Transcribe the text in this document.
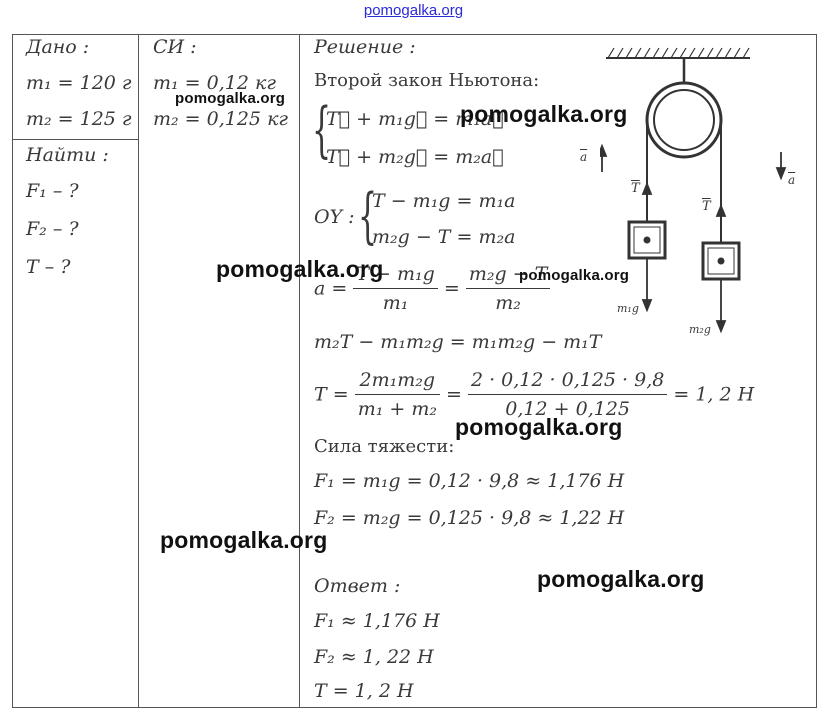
pomogalka.org
Дано :
m₁ = 120 г
m₂ = 125 г
Найти :
F₁ – ?
F₂ – ?
T – ?
СИ :
m₁ = 0,12 кг
m₂ = 0,125 кг
Решение :
Второй закон Ньютона:
{
T⃗ + m₁g⃗ = m₁a⃗
T⃗ + m₂g⃗ = m₂a⃗
OY : {
T − m₁g = m₁a
m₂g − T = m₂a
$a = \frac{\text{T − m₁g}}{\text{m₁}} = \frac{\text{m₂g − T}}{\text{m₂}}$
m₂T − m₁m₂g = m₁m₂g − m₁T
$T = \frac{\text{2m₁m₂g}}{\text{m₁ + m₂}} = \frac{2 \cdot 0,12 \cdot 0,125 \cdot 9,8}{0,12 + 0,125} = 1$, 2 Н
Сила тяжести:
F₁ = m₁g = 0,12 · 9,8 ≈ 1,176 Н
F₂ = m₂g = 0,125 · 9,8 ≈ 1,22 Н
Ответ :
F₁ ≈ 1,176 Н
F₂ ≈ 1, 22 Н
T = 1, 2 Н
$\overline{a}$
$\overline{a}$
$\overline{T}$
$\overline{T}$
m₁g
m₂g
pomogalka.org
pomogalka.org
pomogalka.org	pomogalka.org
pomogalka.org
pomogalka.org
pomogalka.org
